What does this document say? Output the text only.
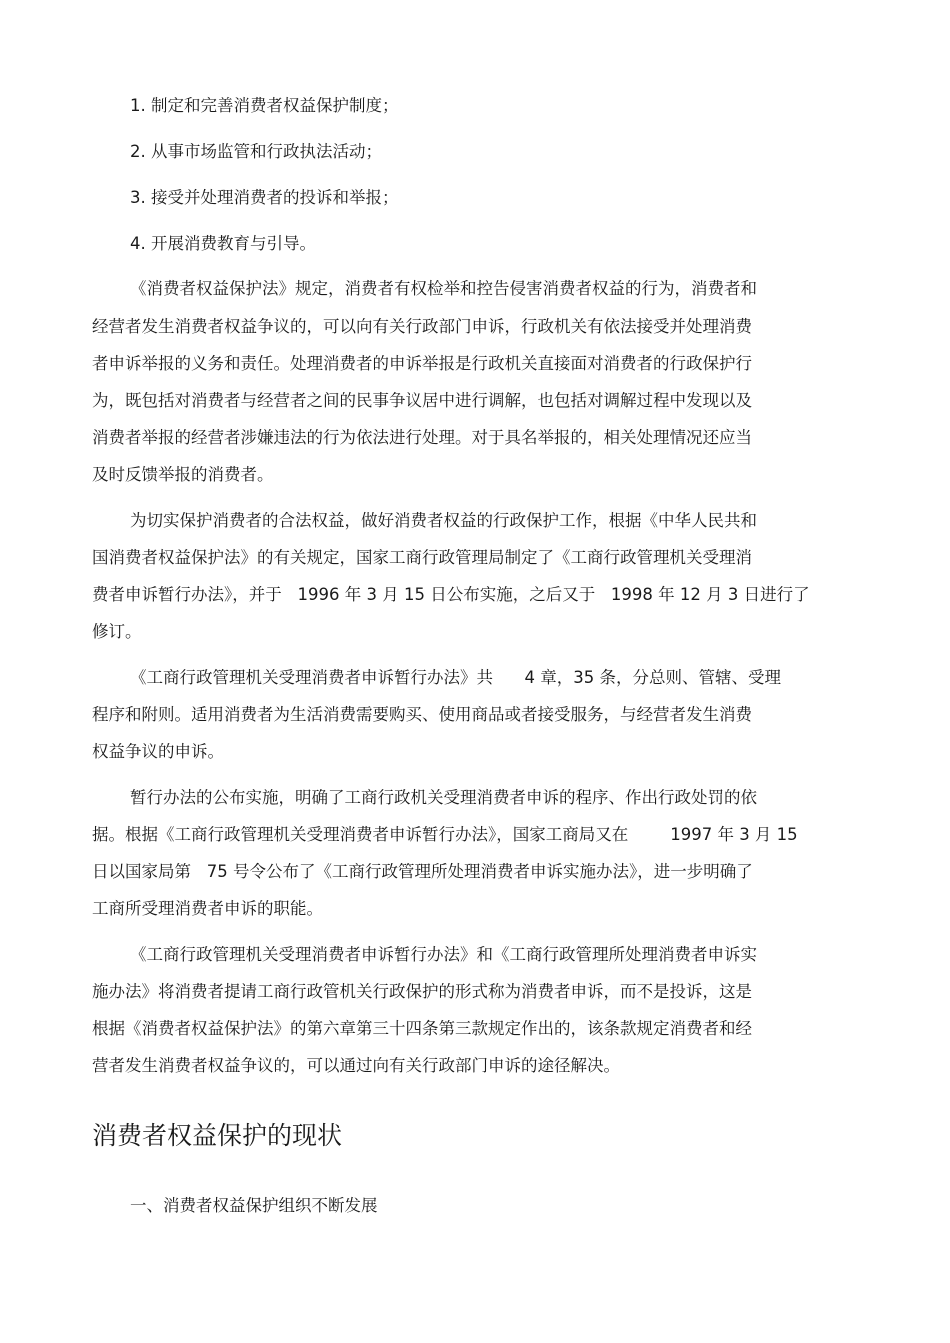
1. 制定和完善消费者权益保护制度；
2. 从事市场监管和行政执法活动；
3. 接受并处理消费者的投诉和举报；
4. 开展消费教育与引导。
《消费者权益保护法》规定，消费者有权检举和控告侵害消费者权益的行为，消费者和
经营者发生消费者权益争议的，可以向有关行政部门申诉，行政机关有依法接受并处理消费
者申诉举报的义务和责任。处理消费者的申诉举报是行政机关直接面对消费者的行政保护行
为，既包括对消费者与经营者之间的民事争议居中进行调解，也包括对调解过程中发现以及
消费者举报的经营者涉嫌违法的行为依法进行处理。对于具名举报的，相关处理情况还应当
及时反馈举报的消费者。
为切实保护消费者的合法权益，做好消费者权益的行政保护工作，根据《中华人民共和
国消费者权益保护法》的有关规定，国家工商行政管理局制定了《工商行政管理机关受理消
费者申诉暂行办法》，并于   1996 年 3 月 15 日公布实施，之后又于   1998 年 12 月 3 日进行了
修订。
《工商行政管理机关受理消费者申诉暂行办法》共      4 章，35 条，分总则、管辖、受理
程序和附则。适用消费者为生活消费需要购买、使用商品或者接受服务，与经营者发生消费
权益争议的申诉。
暂行办法的公布实施，明确了工商行政机关受理消费者申诉的程序、作出行政处罚的依
据。根据《工商行政管理机关受理消费者申诉暂行办法》，国家工商局又在        1997 年 3 月 15
日以国家局第   75 号令公布了《工商行政管理所处理消费者申诉实施办法》，进一步明确了
工商所受理消费者申诉的职能。
《工商行政管理机关受理消费者申诉暂行办法》和《工商行政管理所处理消费者申诉实
施办法》将消费者提请工商行政管机关行政保护的形式称为消费者申诉，而不是投诉，这是
根据《消费者权益保护法》的第六章第三十四条第三款规定作出的，该条款规定消费者和经
营者发生消费者权益争议的，可以通过向有关行政部门申诉的途径解决。
消费者权益保护的现状
一、消费者权益保护组织不断发展
